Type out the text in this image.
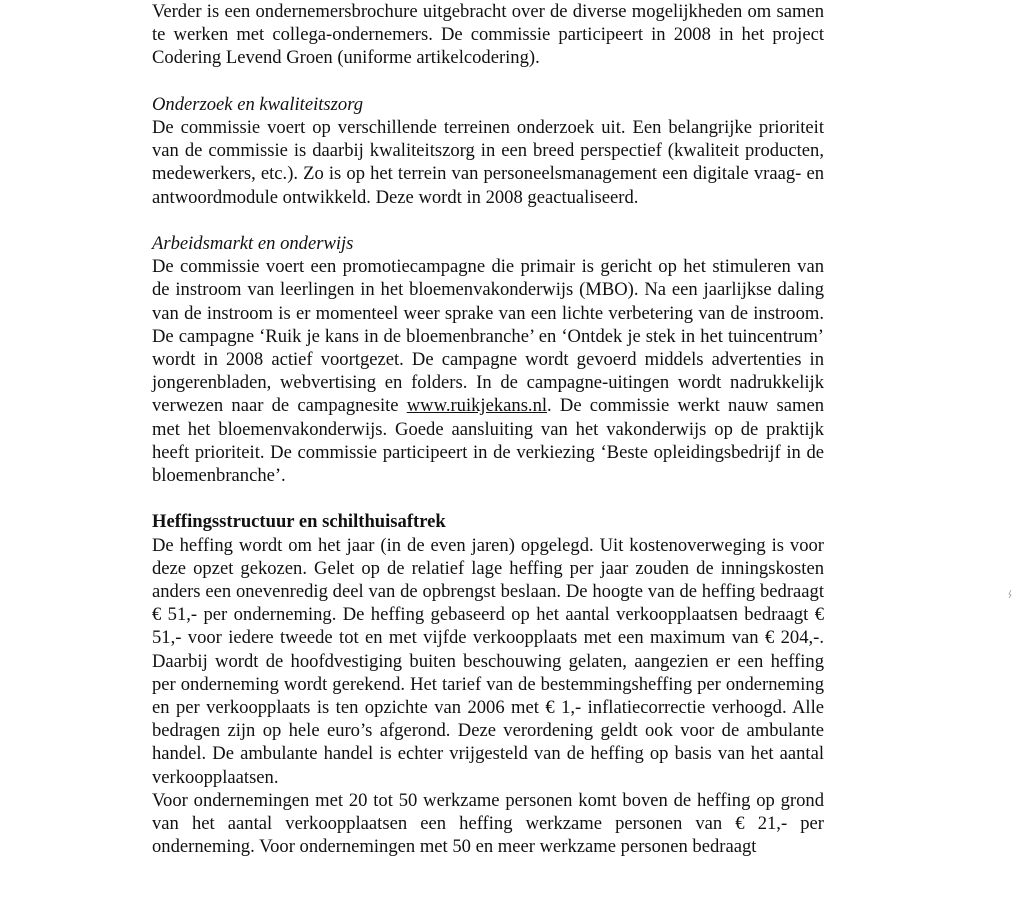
Verder is een ondernemersbrochure uitgebracht over de diverse mogelijkheden om samen te werken met collega-ondernemers. De commissie participeert in 2008 in het project Codering Levend Groen (uniforme artikelcodering).

Onderzoek en kwaliteitszorg

De commissie voert op verschillende terreinen onderzoek uit. Een belangrijke prioriteit van de commissie is daarbij kwaliteitszorg in een breed perspectief (kwaliteit producten, medewerkers, etc.). Zo is op het terrein van personeelsmanagement een digitale vraag- en antwoordmodule ontwikkeld. Deze wordt in 2008 geactualiseerd.

Arbeidsmarkt en onderwijs

De commissie voert een promotiecampagne die primair is gericht op het stimuleren van de instroom van leerlingen in het bloemenvakonderwijs (MBO). Na een jaarlijkse daling van de instroom is er momenteel weer sprake van een lichte verbetering van de instroom. De campagne ‘Ruik je kans in de bloemenbranche’ en ‘Ontdek je stek in het tuincentrum’ wordt in 2008 actief voortgezet. De campagne wordt gevoerd middels advertenties in jongerenbladen, webvertising en folders. In de campagne-uitingen wordt nadrukkelijk verwezen naar de campagnesite www.ruikjekans.nl. De commissie werkt nauw samen met het bloemenvakonderwijs. Goede aansluiting van het vakonderwijs op de praktijk heeft prioriteit. De commissie participeert in de verkiezing ‘Beste opleidingsbedrijf in de bloemenbranche’.

Heffingsstructuur en schilthuisaftrek

De heffing wordt om het jaar (in de even jaren) opgelegd. Uit kostenoverweging is voor deze opzet gekozen. Gelet op de relatief lage heffing per jaar zouden de inningskosten anders een onevenredig deel van de opbrengst beslaan. De hoogte van de heffing bedraagt € 51,- per onderneming. De heffing gebaseerd op het aantal verkoopplaatsen bedraagt € 51,- voor iedere tweede tot en met vijfde verkoopplaats met een maximum van € 204,-. Daarbij wordt de hoofdvestiging buiten beschouwing gelaten, aangezien er een heffing per onderneming wordt gerekend. Het tarief van de bestemmingsheffing per onderneming en per verkoopplaats is ten opzichte van 2006 met € 1,- inflatiecorrectie verhoogd. Alle bedragen zijn op hele euro’s afgerond. Deze verordening geldt ook voor de ambulante handel. De ambulante handel is echter vrijgesteld van de heffing op basis van het aantal verkoopplaatsen.

Voor ondernemingen met 20 tot 50 werkzame personen komt boven de heffing op grond van het aantal verkoopplaatsen een heffing werkzame personen van € 21,- per onderneming. Voor ondernemingen met 50 en meer werkzame personen bedraagt
